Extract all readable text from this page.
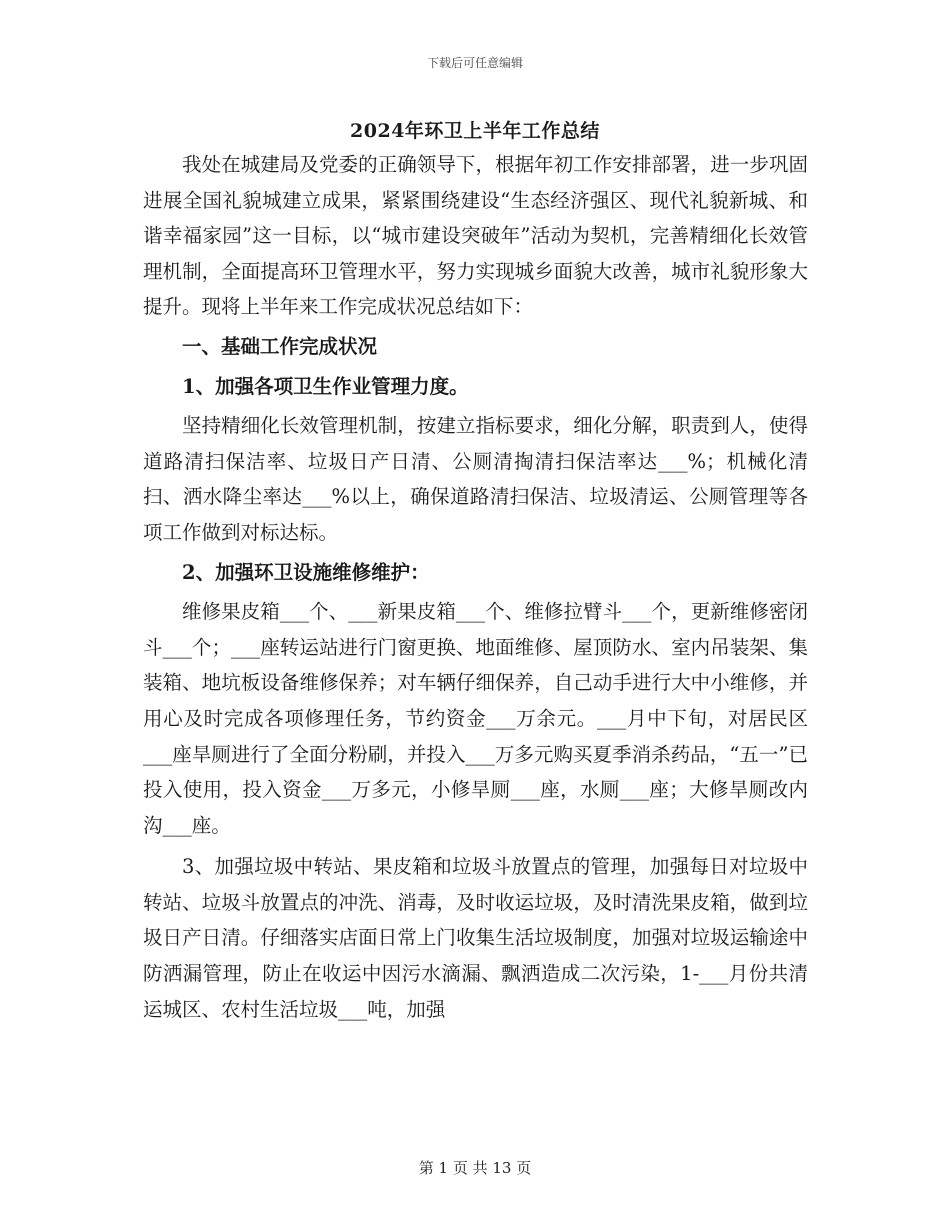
下载后可任意编辑
2024年环卫上半年工作总结

我处在城建局及党委的正确领导下，根据年初工作安排部署，进一步巩固进展全国礼貌城建立成果，紧紧围绕建设“生态经济强区、现代礼貌新城、和谐幸福家园”这一目标，以“城市建设突破年”活动为契机，完善精细化长效管理机制，全面提高环卫管理水平，努力实现城乡面貌大改善，城市礼貌形象大提升。现将上半年来工作完成状况总结如下：

一、基础工作完成状况

1、加强各项卫生作业管理力度。

坚持精细化长效管理机制，按建立指标要求，细化分解，职责到人，使得道路清扫保洁率、垃圾日产日清、公厕清掏清扫保洁率达___%；机械化清扫、洒水降尘率达___%以上，确保道路清扫保洁、垃圾清运、公厕管理等各项工作做到对标达标。

2、加强环卫设施维修维护：

维修果皮箱___个、___新果皮箱___个、维修拉臂斗___个，更新维修密闭斗___个；___座转运站进行门窗更换、地面维修、屋顶防水、室内吊装架、集装箱、地坑板设备维修保养；对车辆仔细保养，自己动手进行大中小维修，并用心及时完成各项修理任务，节约资金___万余元。___月中下旬，对居民区___座旱厕进行了全面分粉刷，并投入___万多元购买夏季消杀药品，“五一”已投入使用，投入资金___万多元，小修旱厕___座，水厕___座；大修旱厕改内沟___座。

3、加强垃圾中转站、果皮箱和垃圾斗放置点的管理，加强每日对垃圾中转站、垃圾斗放置点的冲洗、消毒，及时收运垃圾，及时清洗果皮箱，做到垃圾日产日清。仔细落实店面日常上门收集生活垃圾制度，加强对垃圾运输途中防洒漏管理，防止在收运中因污水滴漏、飘洒造成二次污染，1-___月份共清运城区、农村生活垃圾___吨，加强

第 1 页 共 13 页
